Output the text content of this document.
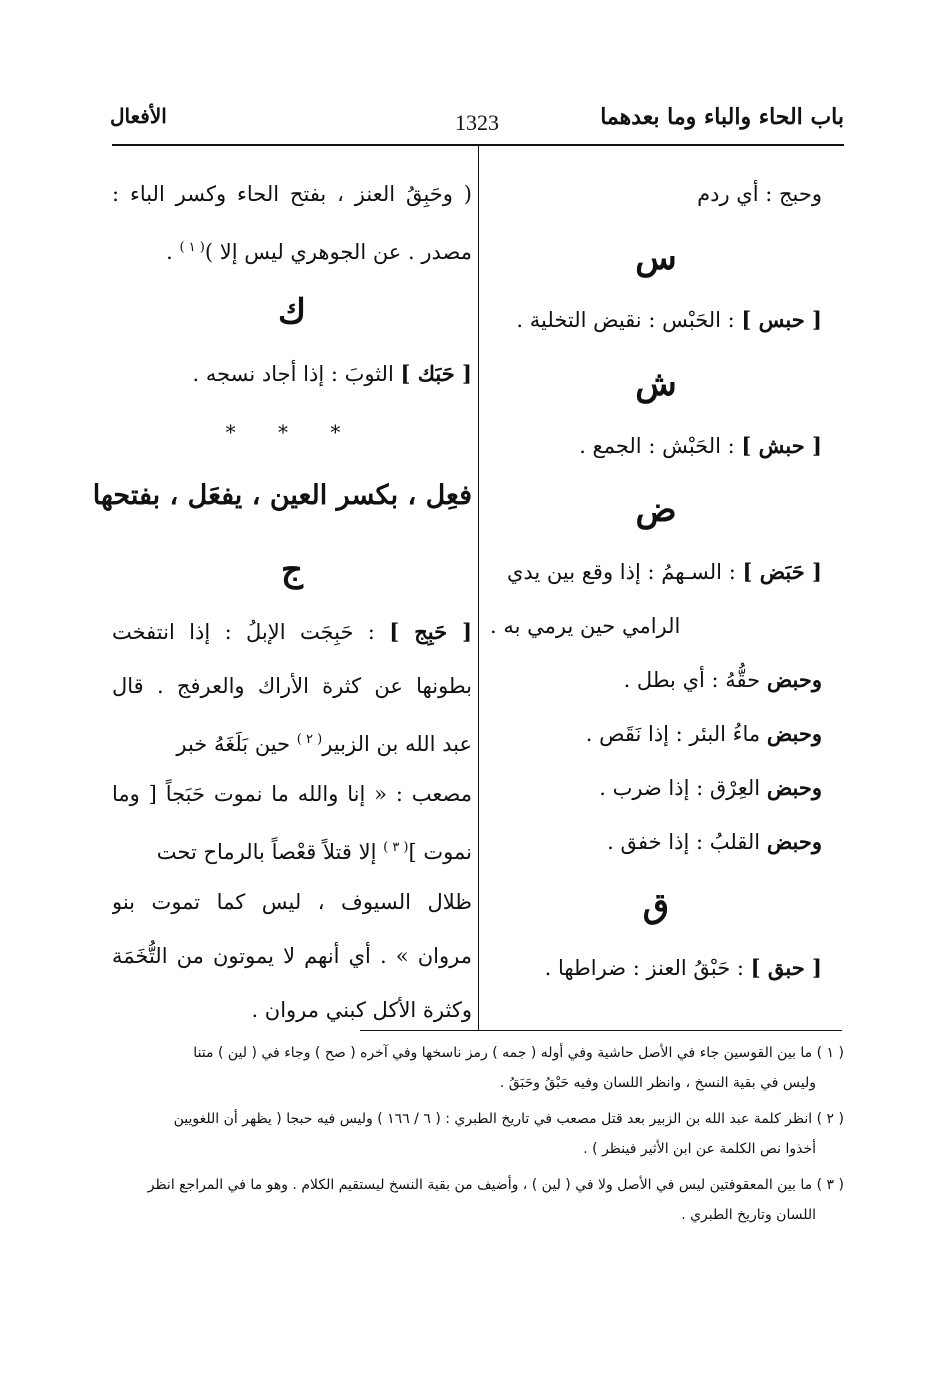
باب الحاء والباء وما بعدهما
1323
الأفعال
وحبج : أي ردم
س
[ حبس ] : الحَبْس : نقيض التخلية .
ش
[ حبش ] : الحَبْش : الجمع .
ض
[ حَبَض ] : السـهمُ : إذا وقع بين يدي
الرامي حين يرمي به .
وحبض حقُّهُ : أي بطل .
وحبض ماءُ البئر : إذا نَقَص .
وحبض العِرْق : إذا ضرب .
وحبض القلبُ : إذا خفق .
ق
[ حبق ] : حَبْقُ العنز : ضراطها .
( وحَبِقُ العنز ، بفتح الحاء وكسر الباء :
مصدر . عن الجوهري ليس إلا )$^{( ١ )}$ .
ك
[ حَبَك ] الثوبَ : إذا أجاد نسجه .
* * *
فعِل ، بكسر العين ، يفعَل ، بفتحها
ج
[ حَبِج ] : حَبِجَت الإبلُ : إذا انتفخت
بطونها عن كثرة الأراك والعرفج . قال
عبد الله بن الزبير$^{( ٢ )}$ حين بَلَغَهُ خبر
مصعب : « إنا والله ما نموت حَبَجاً [ وما
نموت ]$^{( ٣ )}$ إلا قتلاً قعْصاً بالرماح تحت
ظلال السيوف ، ليس كما تموت بنو
مروان » . أي أنهم لا يموتون من التُّخَمَة
وكثرة الأكل كبني مروان .
( ١ ) ما بين القوسين جاء في الأصل حاشية وفي أوله ( جمه ) رمز ناسخها وفي آخره ( صح ) وجاء في ( لين ) متنا
وليس في بقية النسخ ، وانظر اللسان وفيه حَبْقُ وحَبَقُ .
( ٢ ) انظر كلمة عبد الله بن الزبير بعد قتل مصعب في تاريخ الطبري : ( ٦ / ١٦٦ ) وليس فيه حبجا ( يظهر أن اللغويين
أخذوا نص الكلمة عن ابن الأثير فينظر ) .
( ٣ ) ما بين المعقوفتين ليس في الأصل ولا في ( لين ) ، وأضيف من بقية النسخ ليستقيم الكلام . وهو ما في المراجع انظر
اللسان وتاريخ الطبري .
